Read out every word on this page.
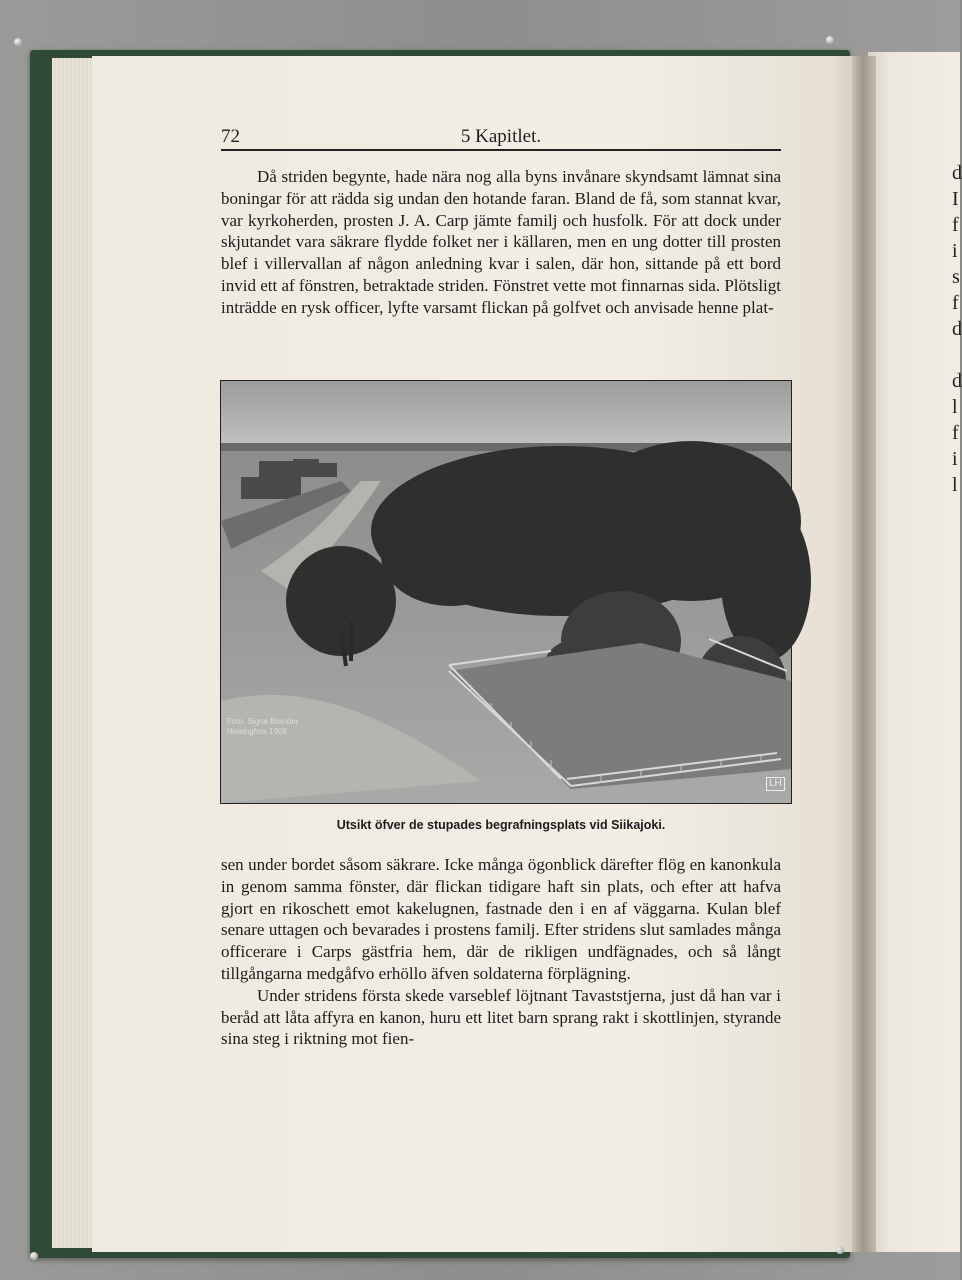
d
I
f
i
s
f
d
d
l
f
i
l
72	5 Kapitlet.

Då striden begynte, hade nära nog alla byns invånare skyndsamt lämnat sina boningar för att rädda sig undan den hotande faran. Bland de få, som stannat kvar, var kyrkoherden, prosten J. A. Carp jämte familj och husfolk. För att dock under skjutandet vara säkrare flydde folket ner i källaren, men en ung dotter till prosten blef i villervallan af någon anledning kvar i salen, där hon, sittande på ett bord invid ett af fönstren, betraktade striden. Fönstret vette mot finnarnas sida. Plötsligt inträdde en rysk officer, lyfte varsamt flickan på golfvet och anvisade henne plat-

Foto. Signe Brander
Helsingfors 1908
LH
Utsikt öfver de stupades begrafningsplats vid Siikajoki.

sen under bordet såsom säkrare. Icke många ögonblick därefter flög en kanonkula in genom samma fönster, där flickan tidigare haft sin plats, och efter att hafva gjort en rikoschett emot kakelugnen, fastnade den i en af väggarna. Kulan blef senare uttagen och bevarades i prostens familj. Efter stridens slut samlades många officerare i Carps gästfria hem, där de rikligen undfägnades, och så långt tillgångarna medgåfvo erhöllo äfven soldaterna förplägning.

Under stridens första skede varseblef löjtnant Tavaststjerna, just då han var i beråd att låta affyra en kanon, huru ett litet barn sprang rakt i skottlinjen, styrande sina steg i riktning mot fien-
